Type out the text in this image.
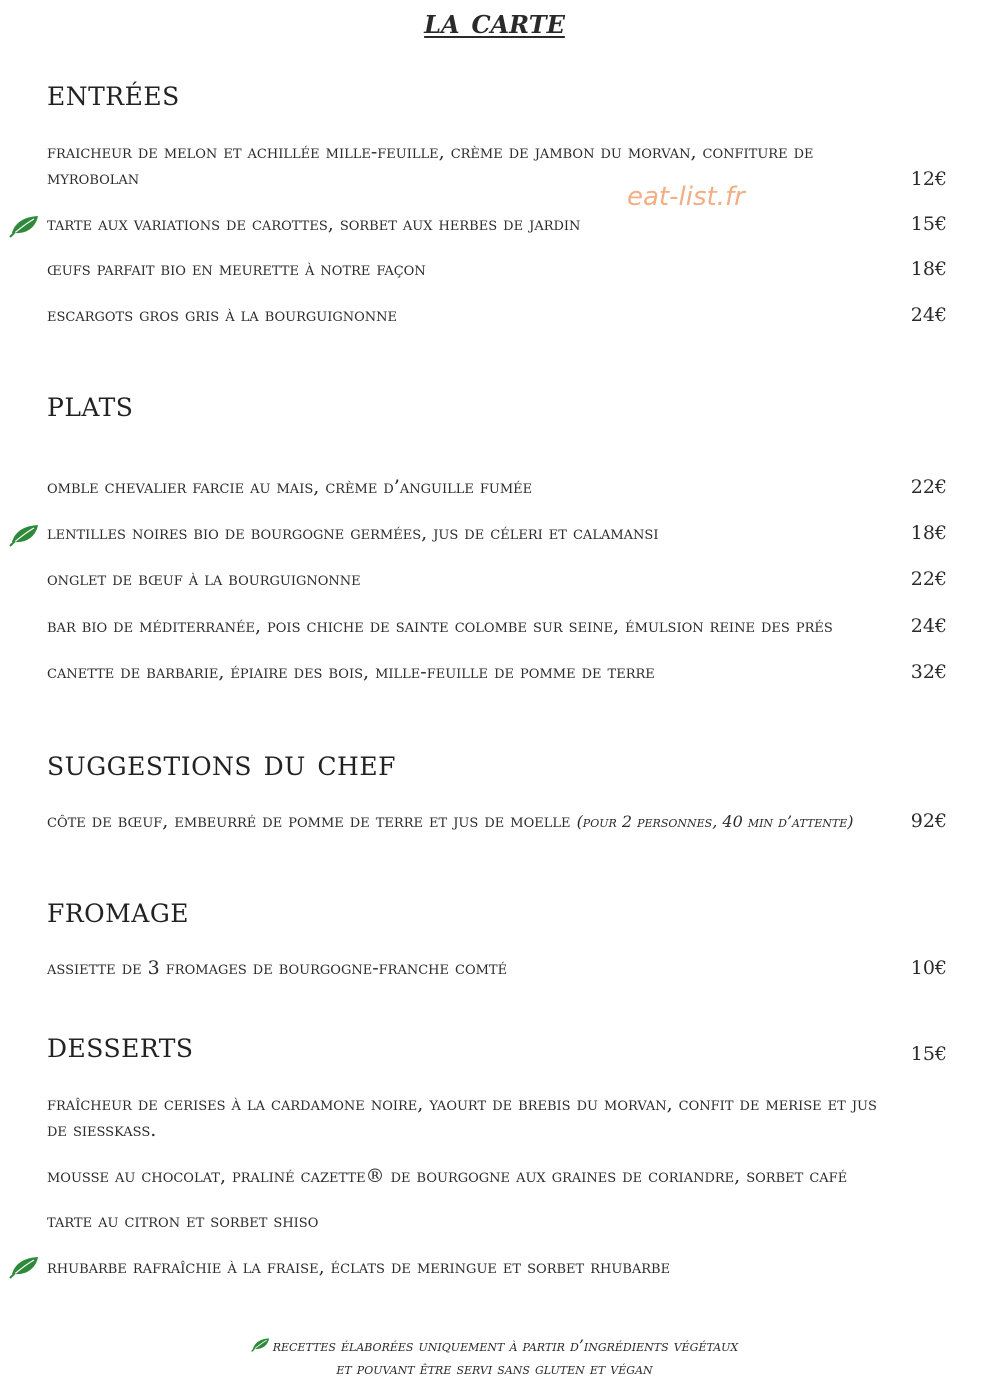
la carte
eat-list.fr
entrées
fraicheur de melon et achillée mille-feuille, crème de jambon du morvan, confiture de myrobolan	12€
tarte aux variations de carottes, sorbet aux herbes de jardin	15€
œufs parfait bio en meurette à notre façon	18€
escargots gros gris à la bourguignonne	24€
plats
omble chevalier farcie au mais, crème d’anguille fumée	22€
lentilles noires bio de bourgogne germées, jus de céleri et calamansi	18€
onglet de bœuf à la bourguignonne	22€
bar bio de méditerranée, pois chiche de sainte colombe sur seine, émulsion reine des prés	24€
canette de barbarie, épiaire des bois, mille-feuille de pomme de terre	32€
suggestions du chef
côte de bœuf, embeurré de pomme de terre et jus de moelle (pour 2 personnes, 40 min d’attente)	92€
fromage
assiette de 3 fromages de bourgogne-franche comté	10€
desserts	15€
fraîcheur de cerises à la cardamone noire, yaourt de brebis du morvan, confit de merise et jus de siesskass.
mousse au chocolat, praliné cazette® de bourgogne aux graines de coriandre, sorbet café
tarte au citron et sorbet shiso
rhubarbe rafraîchie à la fraise, éclats de meringue et sorbet rhubarbe
recettes élaborées uniquement à partir d’ingrédients végétaux
et pouvant être servi sans gluten et végan
